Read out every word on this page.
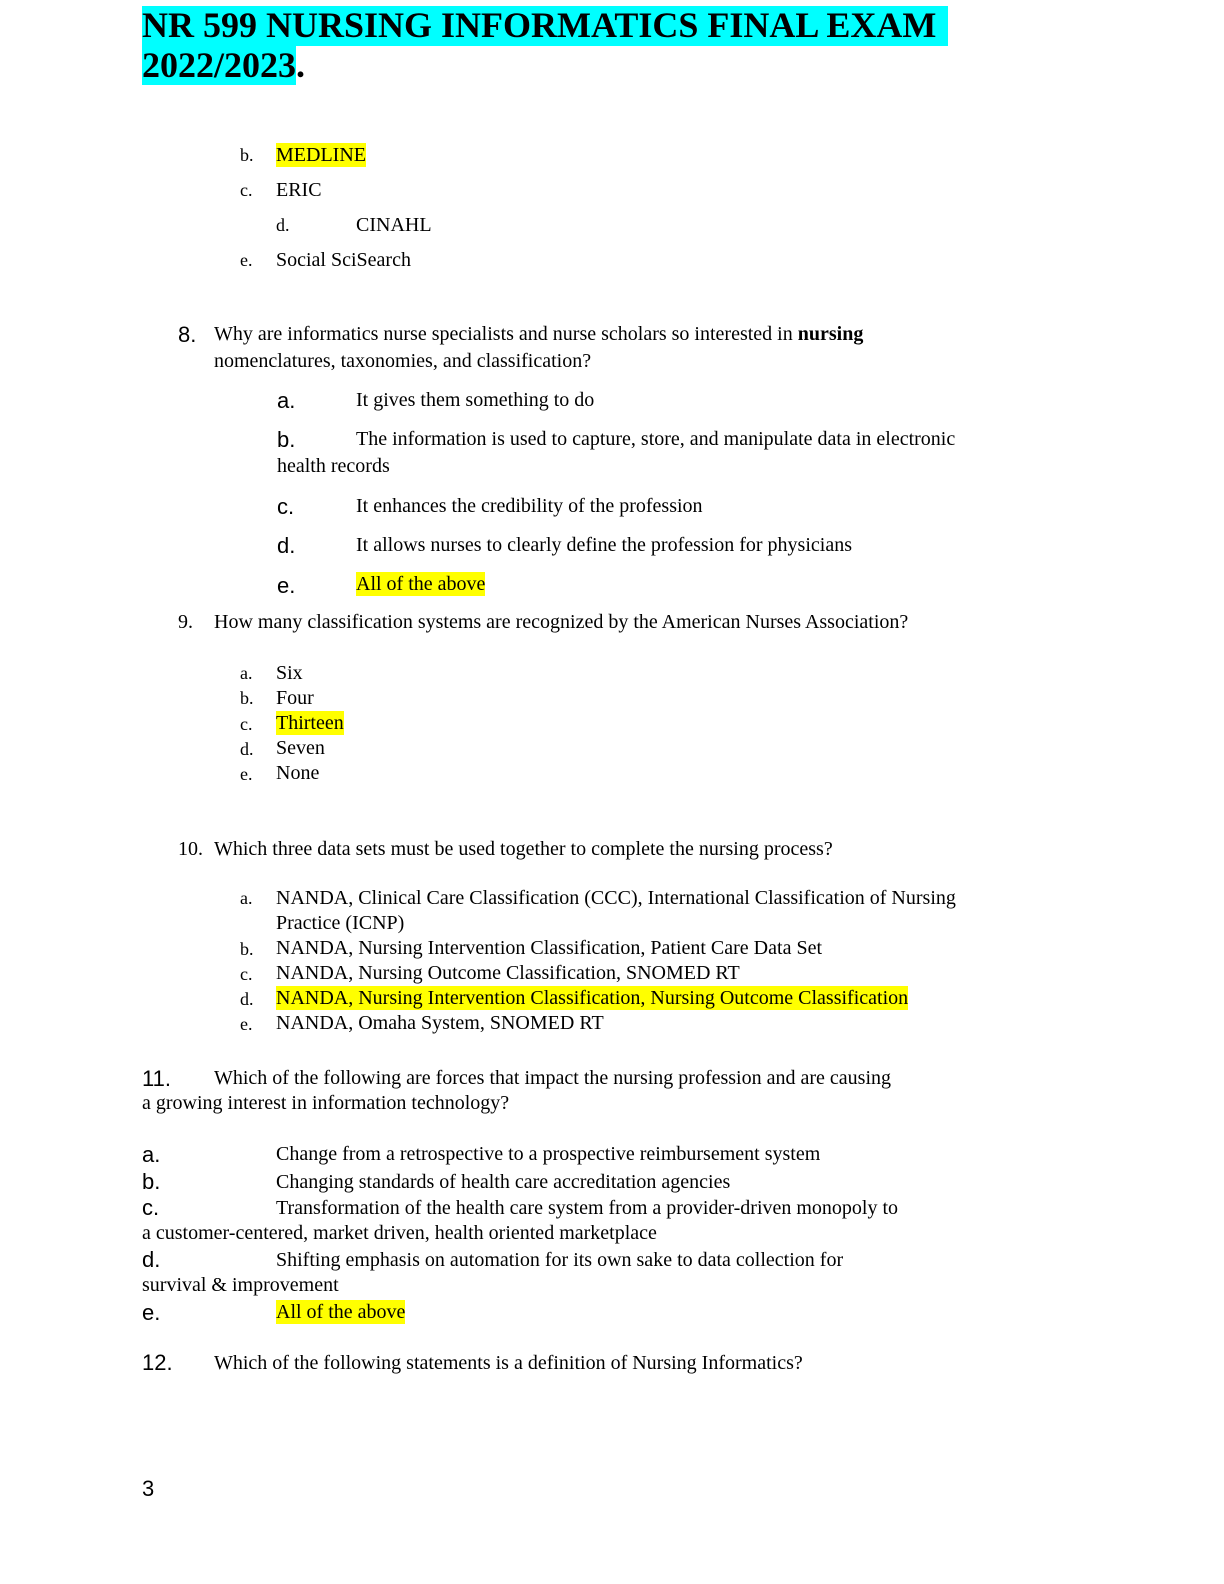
NR 599 NURSING INFORMATICS FINAL EXAM
2022/2023.
b. MEDLINE
c. ERIC
d.	CINAHL
e. Social SciSearch
8. Why are informatics nurse specialists and nurse scholars so interested in nursing
nomenclatures, taxonomies, and classification?
a.	It gives them something to do
b.	The information is used to capture, store, and manipulate data in electronic
health records
c.	It enhances the credibility of the profession
d.	It allows nurses to clearly define the profession for physicians
e.	All of the above
9. How many classification systems are recognized by the American Nurses Association?
a. Six
b. Four
c. Thirteen
d. Seven
e. None
10. Which three data sets must be used together to complete the nursing process?
a. NANDA, Clinical Care Classification (CCC), International Classification of Nursing
Practice (ICNP)
b. NANDA, Nursing Intervention Classification, Patient Care Data Set
c. NANDA, Nursing Outcome Classification, SNOMED RT
d. NANDA, Nursing Intervention Classification, Nursing Outcome Classification
e. NANDA, Omaha System, SNOMED RT
11. Which of the following are forces that impact the nursing profession and are causing
a growing interest in information technology?
a.	Change from a retrospective to a prospective reimbursement system
b.	Changing standards of health care accreditation agencies
c.	Transformation of the health care system from a provider-driven monopoly to
a customer-centered, market driven, health oriented marketplace
d.	Shifting emphasis on automation for its own sake to data collection for
survival & improvement
e.	All of the above
12. Which of the following statements is a definition of Nursing Informatics?
3
